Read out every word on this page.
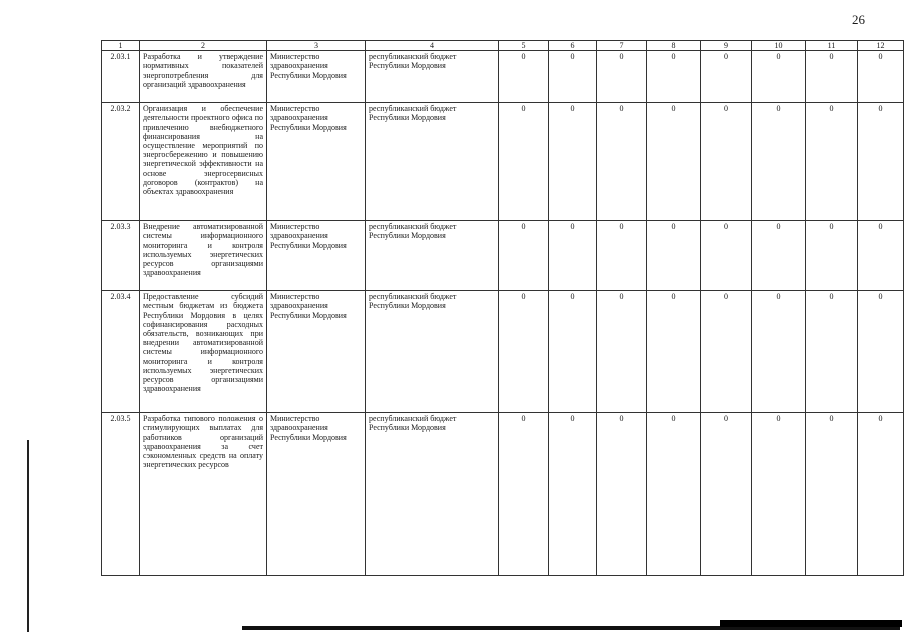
26
1	2	3	4	5	6	7	8	9	10	11	12
2.03.1	Разработка и утверждение нормативных показателей энергопотребления для организаций здравоохранения	Министерство здравоохранения Республики Мордовия	республиканский бюджет Республики Мордовия	0	0	0	0	0	0	0	0
2.03.2	Организация и обеспечение деятельности проектного офиса по привлечению внебюджетного финансирования на осуществление мероприятий по энергосбережению и повышению энергетической эффективности на основе энергосервисных договоров (контрактов) на объектах здравоохранения	Министерство здравоохранения Республики Мордовия	республиканский бюджет Республики Мордовия	0	0	0	0	0	0	0	0
2.03.3	Внедрение автоматизированной системы информационного мониторинга и контроля используемых энергетических ресурсов организациями здравоохранения	Министерство здравоохранения Республики Мордовия	республиканский бюджет Республики Мордовия	0	0	0	0	0	0	0	0
2.03.4	Предоставление субсидий местным бюджетам из бюджета Республики Мордовия в целях софинансирования расходных обязательств, возникающих при внедрении автоматизированной системы информационного мониторинга и контроля используемых энергетических ресурсов организациями здравоохранения	Министерство здравоохранения Республики Мордовия	республиканский бюджет Республики Мордовия	0	0	0	0	0	0	0	0
2.03.5	Разработка типового положения о стимулирующих выплатах для работников организаций здравоохранения за счет сэкономленных средств на оплату энергетических ресурсов	Министерство здравоохранения Республики Мордовия	республиканский бюджет Республики Мордовия	0	0	0	0	0	0	0	0
